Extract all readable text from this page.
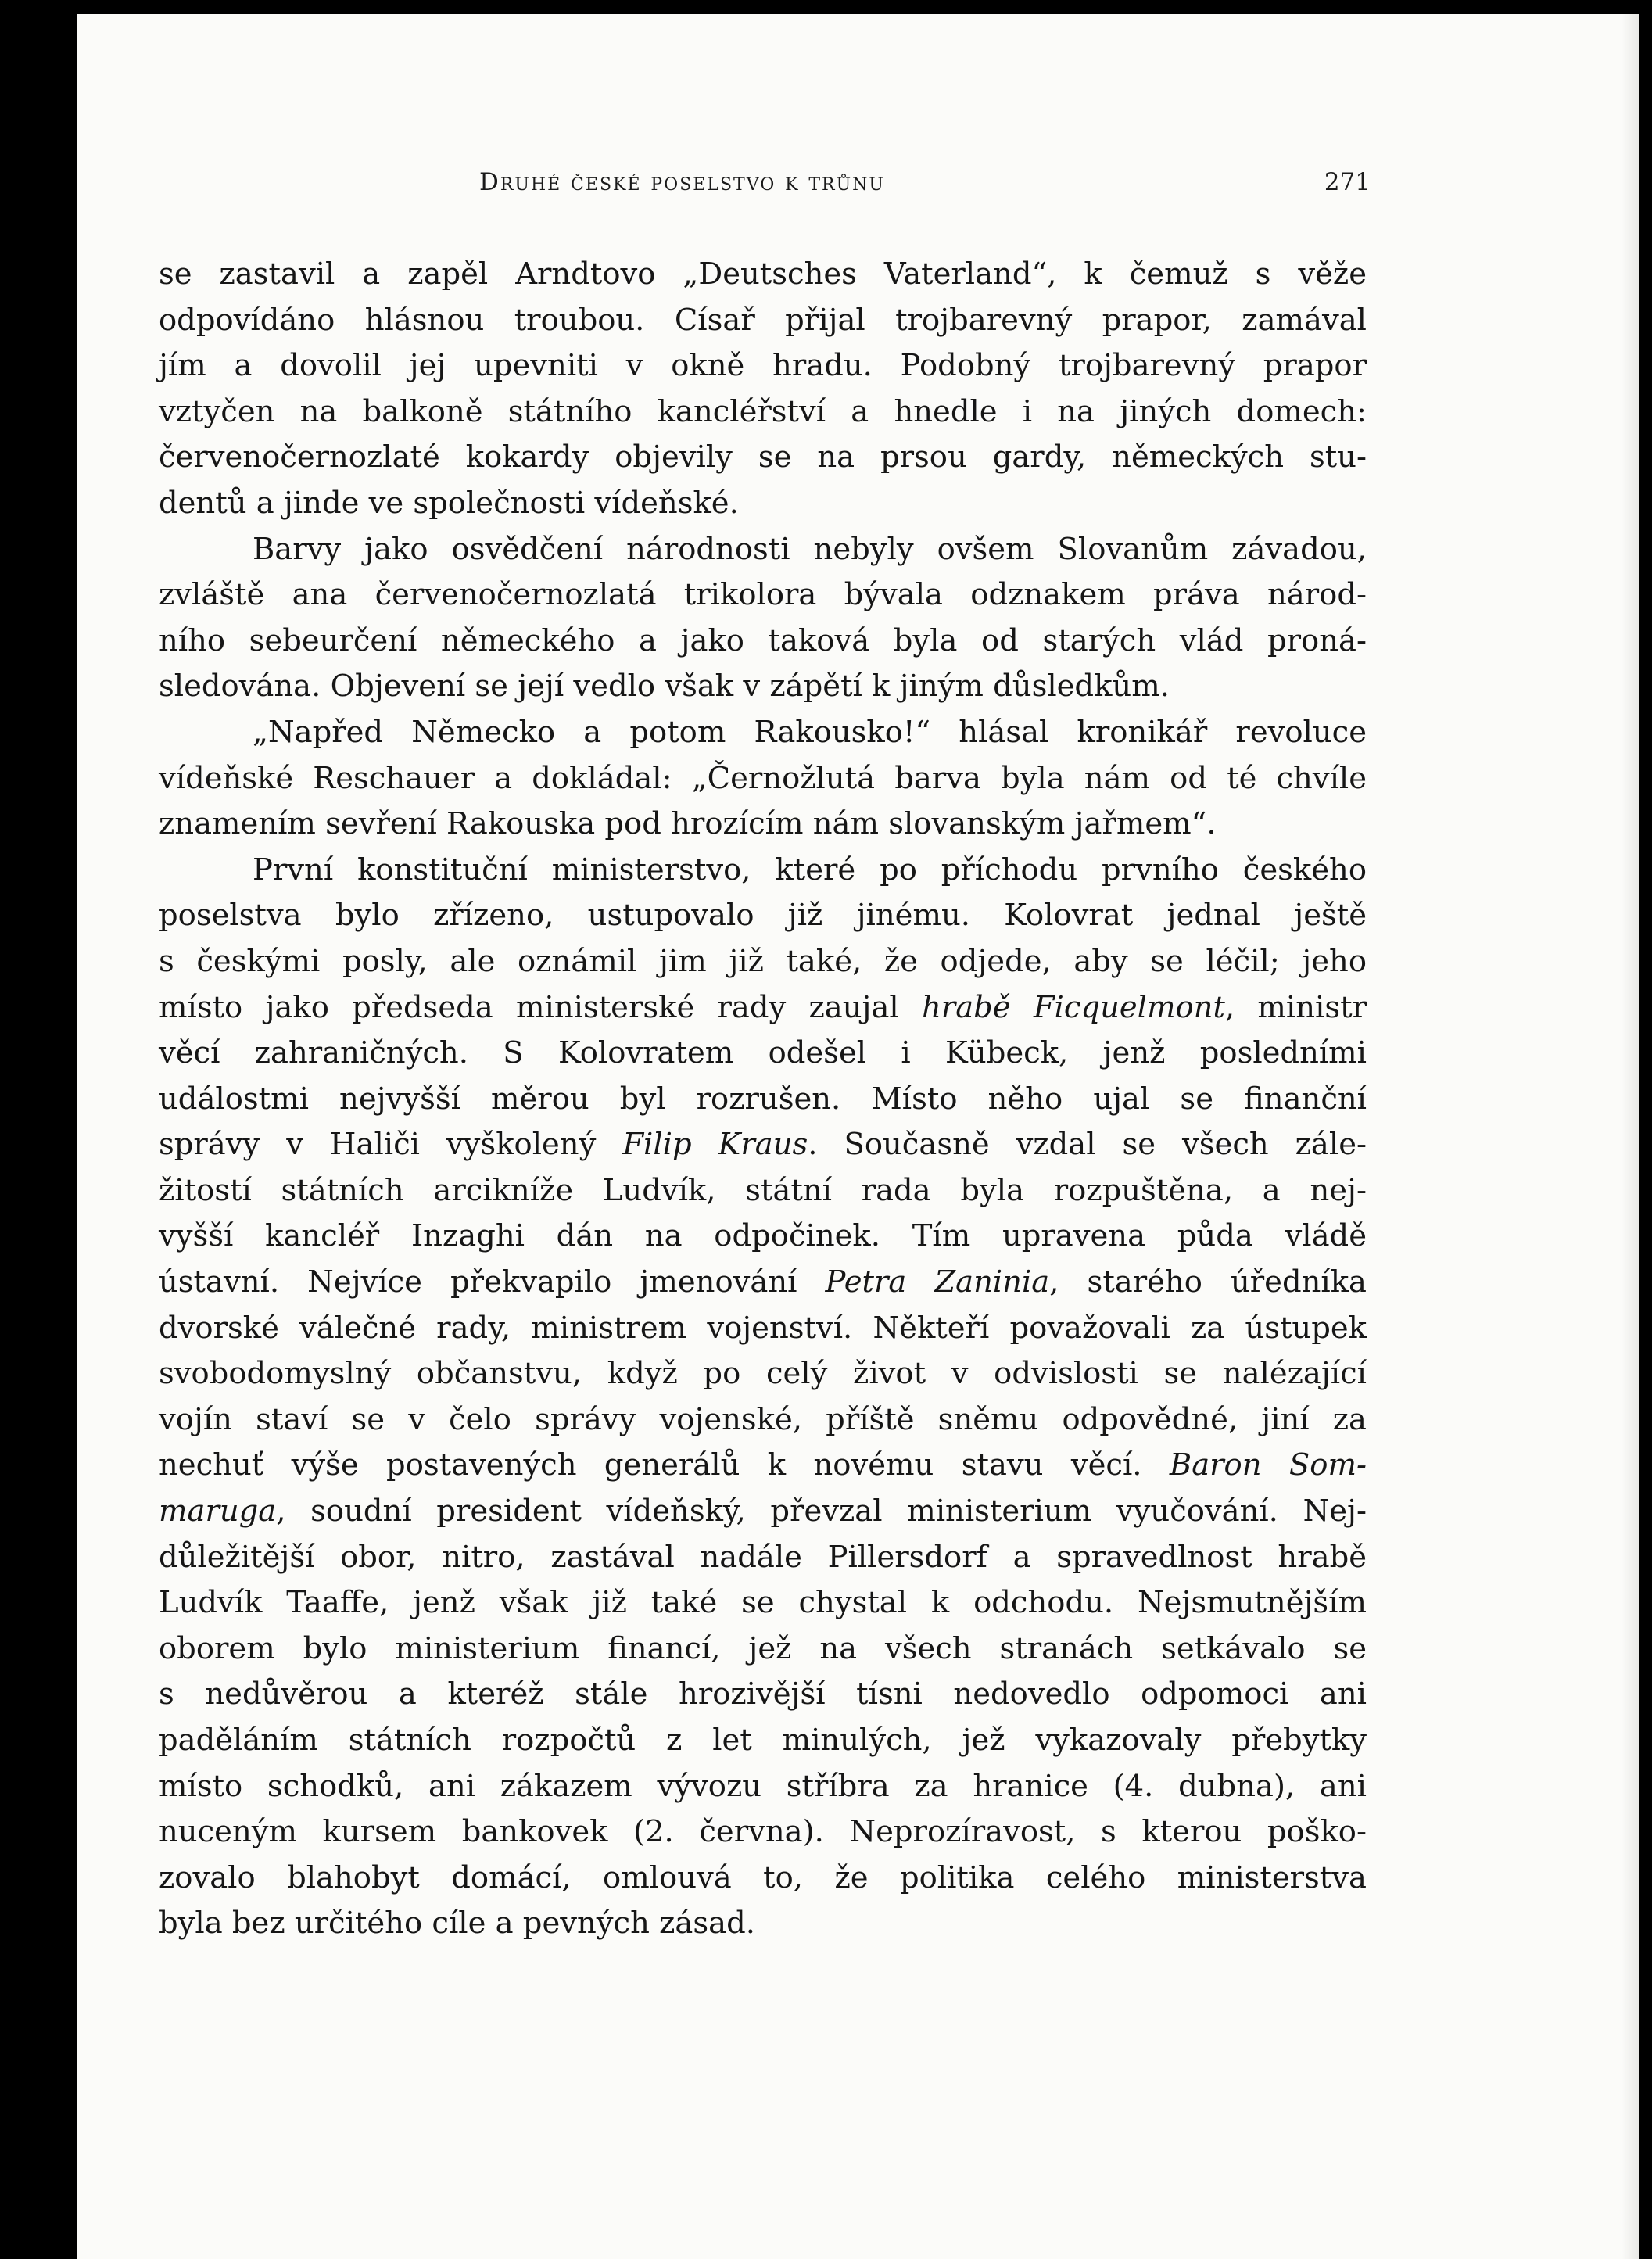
Druhé české poselstvo k trůnu	271
se zastavil a zapěl Arndtovo „Deutsches Vaterland“, k čemuž s věže
odpovídáno hlásnou troubou. Císař přijal trojbarevný prapor, zamával
jím a dovolil jej upevniti v okně hradu. Podobný trojbarevný prapor
vztyčen na balkoně státního kancléřství a hnedle i na jiných domech:
červenočernozlaté kokardy objevily se na prsou gardy, německých stu-
dentů a jinde ve společnosti vídeňské.
Barvy jako osvědčení národnosti nebyly ovšem Slovanům závadou,
zvláště ana červenočernozlatá trikolora bývala odznakem práva národ-
ního sebeurčení německého a jako taková byla od starých vlád proná-
sledována. Objevení se její vedlo však v zápětí k jiným důsledkům.
„Napřed Německo a potom Rakousko!“ hlásal kronikář revoluce
vídeňské Reschauer a dokládal: „Černožlutá barva byla nám od té chvíle
znamením sevření Rakouska pod hrozícím nám slovanským jařmem“.
První konstituční ministerstvo, které po příchodu prvního českého
poselstva bylo zřízeno, ustupovalo již jinému. Kolovrat jednal ještě
s českými posly, ale oznámil jim již také, že odjede, aby se léčil; jeho
místo jako předseda ministerské rady zaujal hrabě Ficquelmont, ministr
věcí zahraničných. S Kolovratem odešel i Kübeck, jenž posledními
událostmi nejvyšší měrou byl rozrušen. Místo něho ujal se finanční
správy v Haliči vyškolený Filip Kraus. Současně vzdal se všech zále-
žitostí státních arcikníže Ludvík, státní rada byla rozpuštěna, a nej-
vyšší kancléř Inzaghi dán na odpočinek. Tím upravena půda vládě
ústavní. Nejvíce překvapilo jmenování Petra Zaninia, starého úředníka
dvorské válečné rady, ministrem vojenství. Někteří považovali za ústupek
svobodomyslný občanstvu, když po celý život v odvislosti se nalézající
vojín staví se v čelo správy vojenské, příště sněmu odpovědné, jiní za
nechuť výše postavených generálů k novému stavu věcí. Baron Som-
maruga, soudní president vídeňský, převzal ministerium vyučování. Nej-
důležitější obor, nitro, zastával nadále Pillersdorf a spravedlnost hrabě
Ludvík Taaffe, jenž však již také se chystal k odchodu. Nejsmutnějším
oborem bylo ministerium financí, jež na všech stranách setkávalo se
s nedůvěrou a kteréž stále hrozivější tísni nedovedlo odpomoci ani
paděláním státních rozpočtů z let minulých, jež vykazovaly přebytky
místo schodků, ani zákazem vývozu stříbra za hranice (4. dubna), ani
nuceným kursem bankovek (2. června). Neprozíravost, s kterou poško-
zovalo blahobyt domácí, omlouvá to, že politika celého ministerstva
byla bez určitého cíle a pevných zásad.
